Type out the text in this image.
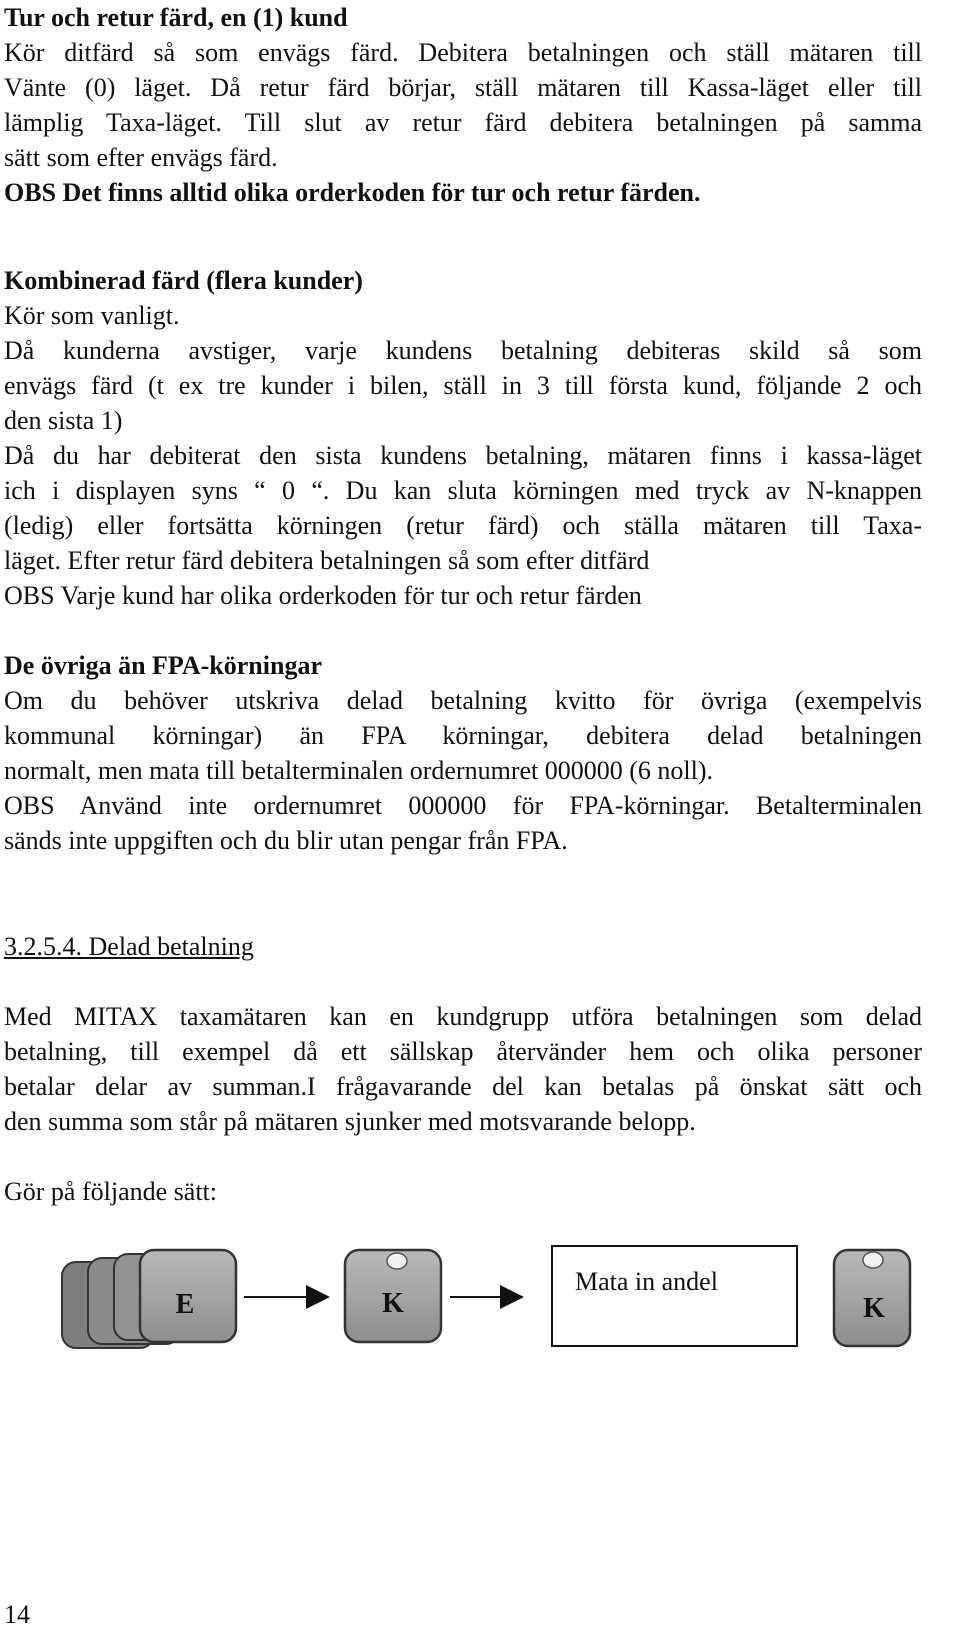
Tur och retur färd, en (1) kund
Kör ditfärd så som envägs färd. Debitera betalningen och ställ mätaren till
Vänte (0) läget. Då retur färd börjar, ställ mätaren till Kassa-läget eller till
lämplig Taxa-läget. Till slut av retur färd debitera betalningen på samma
sätt som efter envägs färd.
OBS Det finns alltid olika orderkoden för tur och retur färden.
Kombinerad färd (flera kunder)
Kör som vanligt.
Då kunderna avstiger, varje kundens betalning debiteras skild så som
envägs färd (t ex tre kunder i bilen, ställ in 3 till första kund, följande 2 och
den sista 1)
Då du har debiterat den sista kundens betalning, mätaren finns i kassa-läget
ich i displayen syns “ 0 “. Du kan sluta körningen med tryck av N-knappen
(ledig) eller fortsätta körningen (retur färd) och ställa mätaren till Taxa-
läget. Efter retur färd debitera betalningen så som efter ditfärd
OBS Varje kund har olika orderkoden för tur och retur färden
De övriga än FPA-körningar
Om du behöver utskriva delad betalning kvitto för övriga (exempelvis
kommunal körningar) än FPA körningar, debitera delad betalningen
normalt, men mata till betalterminalen ordernumret 000000 (6 noll).
OBS Använd inte ordernumret 000000 för FPA-körningar. Betalterminalen
sänds inte uppgiften och du blir utan pengar från FPA.
3.2.5.4. Delad betalning
Med MITAX taxamätaren kan en kundgrupp utföra betalningen som delad
betalning, till exempel då ett sällskap återvänder hem och olika personer
betalar delar av summan.I frågavarande del kan betalas på önskat sätt och
den summa som står på mätaren sjunker med motsvarande belopp.
Gör på följande sätt:
E	K
Mata in andel
K
14
